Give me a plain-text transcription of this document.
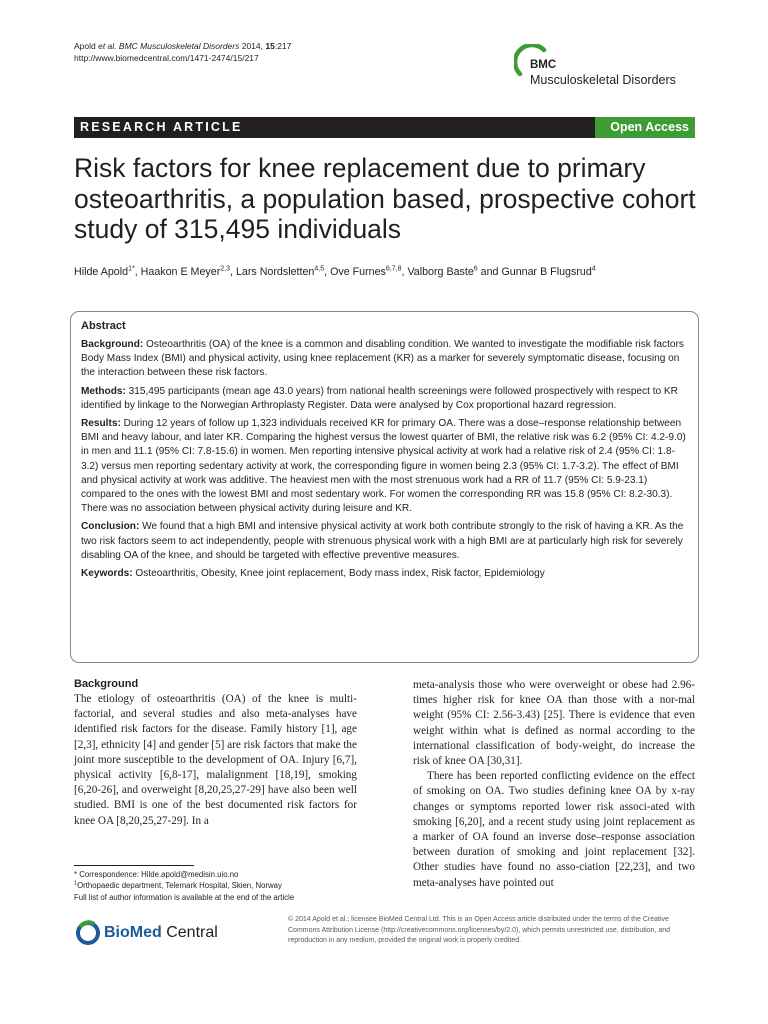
Apold et al. BMC Musculoskeletal Disorders 2014, 15:217
http://www.biomedcentral.com/1471-2474/15/217
BMC
Musculoskeletal Disorders
RESEARCH ARTICLE	Open Access
Risk factors for knee replacement due to primary osteoarthritis, a population based, prospective cohort study of 315,495 individuals
Hilde Apold$^{1*}$, Haakon E Meyer$^{2,3}$, Lars Nordsletten$^{4,5}$, Ove Furnes$^{6,7,8}$, Valborg Baste$^6$ and Gunnar B Flugsrud$^4$
Abstract

Background: Osteoarthritis (OA) of the knee is a common and disabling condition. We wanted to investigate the modifiable risk factors Body Mass Index (BMI) and physical activity, using knee replacement (KR) as a marker for severely symptomatic disease, focusing on the interaction between these risk factors.

Methods: 315,495 participants (mean age 43.0 years) from national health screenings were followed prospectively with respect to KR identified by linkage to the Norwegian Arthroplasty Register. Data were analysed by Cox proportional hazard regression.

Results: During 12 years of follow up 1,323 individuals received KR for primary OA. There was a dose–response relationship between BMI and heavy labour, and later KR. Comparing the highest versus the lowest quarter of BMI, the relative risk was 6.2 (95% CI: 4.2-9.0) in men and 11.1 (95% CI: 7.8-15.6) in women. Men reporting intensive physical activity at work had a relative risk of 2.4 (95% CI: 1.8-3.2) versus men reporting sedentary activity at work, the corresponding figure in women being 2.3 (95% CI: 1.7-3.2). The effect of BMI and physical activity at work was additive. The heaviest men with the most strenuous work had a RR of 11.7 (95% CI: 5.9-23.1) compared to the ones with the lowest BMI and most sedentary work. For women the corresponding RR was 15.8 (95% CI: 8.2-30.3). There was no association between physical activity during leisure and KR.

Conclusion: We found that a high BMI and intensive physical activity at work both contribute strongly to the risk of having a KR. As the two risk factors seem to act independently, people with strenuous physical work with a high BMI are at particularly high risk for severely disabling OA of the knee, and should be targeted with effective preventive measures.

Keywords: Osteoarthritis, Obesity, Knee joint replacement, Body mass index, Risk factor, Epidemiology

Background

The etiology of osteoarthritis (OA) of the knee is multi-factorial, and several studies and also meta-analyses have identified risk factors for the disease. Family history [1], age [2,3], ethnicity [4] and gender [5] are risk factors that make the joint more susceptible to the development of OA. Injury [6,7], physical activity [6,8-17], malalignment [18,19], smoking [6,20-26], and overweight [8,20,25,27-29] have also been well studied. BMI is one of the best documented risk factors for knee OA [8,20,25,27-29]. In a

meta-analysis those who were overweight or obese had 2.96-times higher risk for knee OA than those with a nor-mal weight (95% CI: 2.56-3.43) [25]. There is evidence that even weight within what is defined as normal according to the international classification of body-weight, do increase the risk of knee OA [30,31].

There has been reported conflicting evidence on the effect of smoking on OA. Two studies defining knee OA by x-ray changes or symptoms reported lower risk associ-ated with smoking [6,20], and a recent study using joint replacement as a marker of OA found an inverse dose–response association between duration of smoking and joint replacement [32]. Other studies have found no asso-ciation [22,23], and two meta-analyses have pointed out

* Correspondence: Hilde.apold@medisin.uio.no
$^1$Orthopaedic department, Telemark Hospital, Skien, Norway
Full list of author information is available at the end of the article
BioMed Central
© 2014 Apold et al.; licensee BioMed Central Ltd. This is an Open Access article distributed under the terms of the Creative Commons Attribution License (http://creativecommons.org/licenses/by/2.0), which permits unrestricted use, distribution, and reproduction in any medium, provided the original work is properly credited.
